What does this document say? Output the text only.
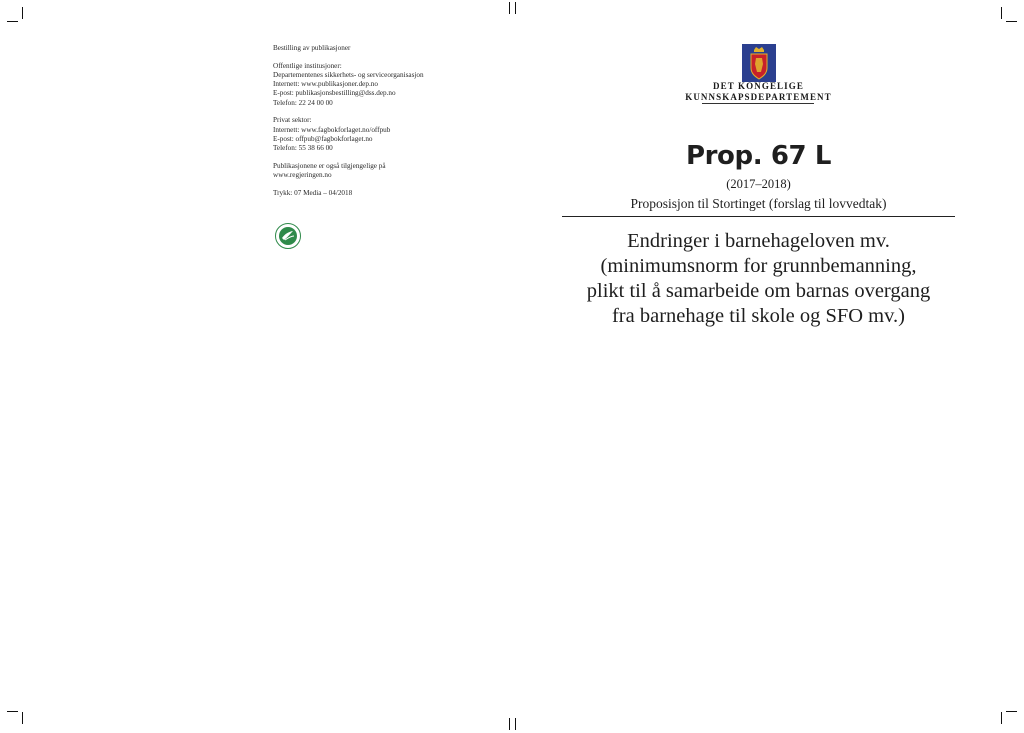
Bestilling av publikasjoner
Offentlige institusjoner:
Departementenes sikkerhets- og serviceorganisasjon
Internett: www.publikasjoner.dep.no
E-post: publikasjonsbestilling@dss.dep.no
Telefon: 22 24 00 00
Privat sektor:
Internett: www.fagbokforlaget.no/offpub
E-post: offpub@fagbokforlaget.no
Telefon: 55 38 66 00
Publikasjonene er også tilgjengelige på
www.regjeringen.no
Trykk: 07 Media – 04/2018
DET KONGELIGE
KUNNSKAPSDEPARTEMENT
Prop. 67 L
(2017–2018)
Proposisjon til Stortinget (forslag til lovvedtak)
Endringer i barnehageloven mv.
(minimumsnorm for grunnbemanning,
plikt til å samarbeide om barnas overgang
fra barnehage til skole og SFO mv.)
